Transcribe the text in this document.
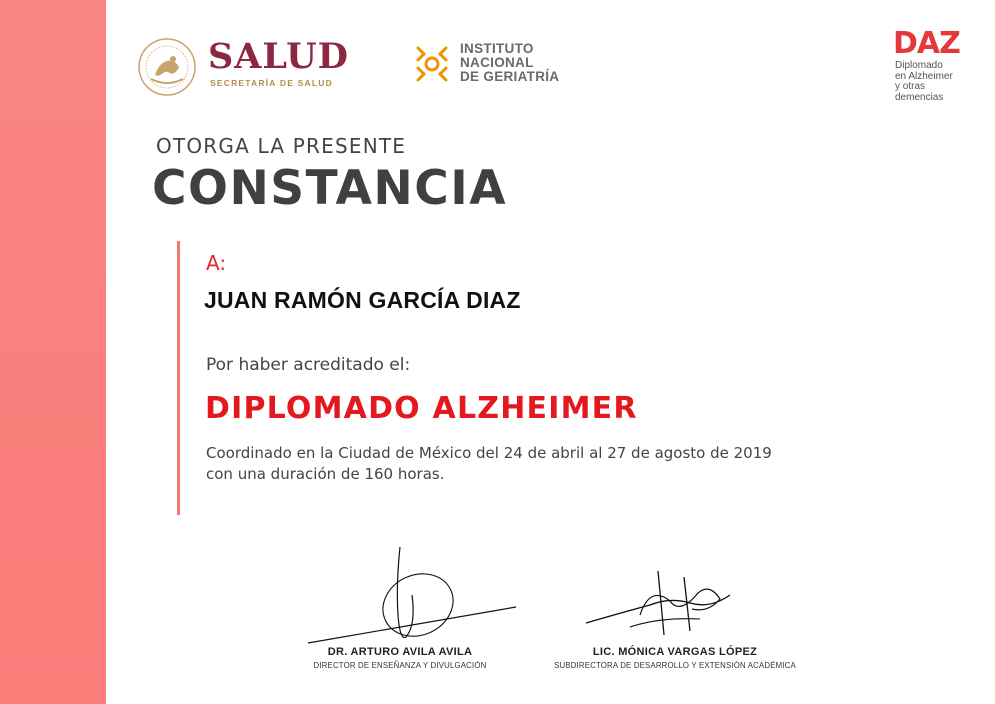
SALUD
SECRETARÍA DE SALUD
INSTITUTO
NACIONAL
DE GERIATRÍA
DAZ
Diplomado
en Alzheimer
y otras
demencias
OTORGA LA PRESENTE
CONSTANCIA
A:
JUAN RAMÓN GARCÍA DIAZ
Por haber acreditado el:
DIPLOMADO ALZHEIMER
Coordinado en la Ciudad de México del 24 de abril al 27 de agosto de 2019
con una duración de 160 horas.
DR. ARTURO AVILA AVILA
DIRECTOR DE ENSEÑANZA Y DIVULGACIÓN
LIC. MÓNICA VARGAS LÓPEZ
SUBDIRECTORA DE DESARROLLO Y EXTENSIÓN ACADÉMICA
